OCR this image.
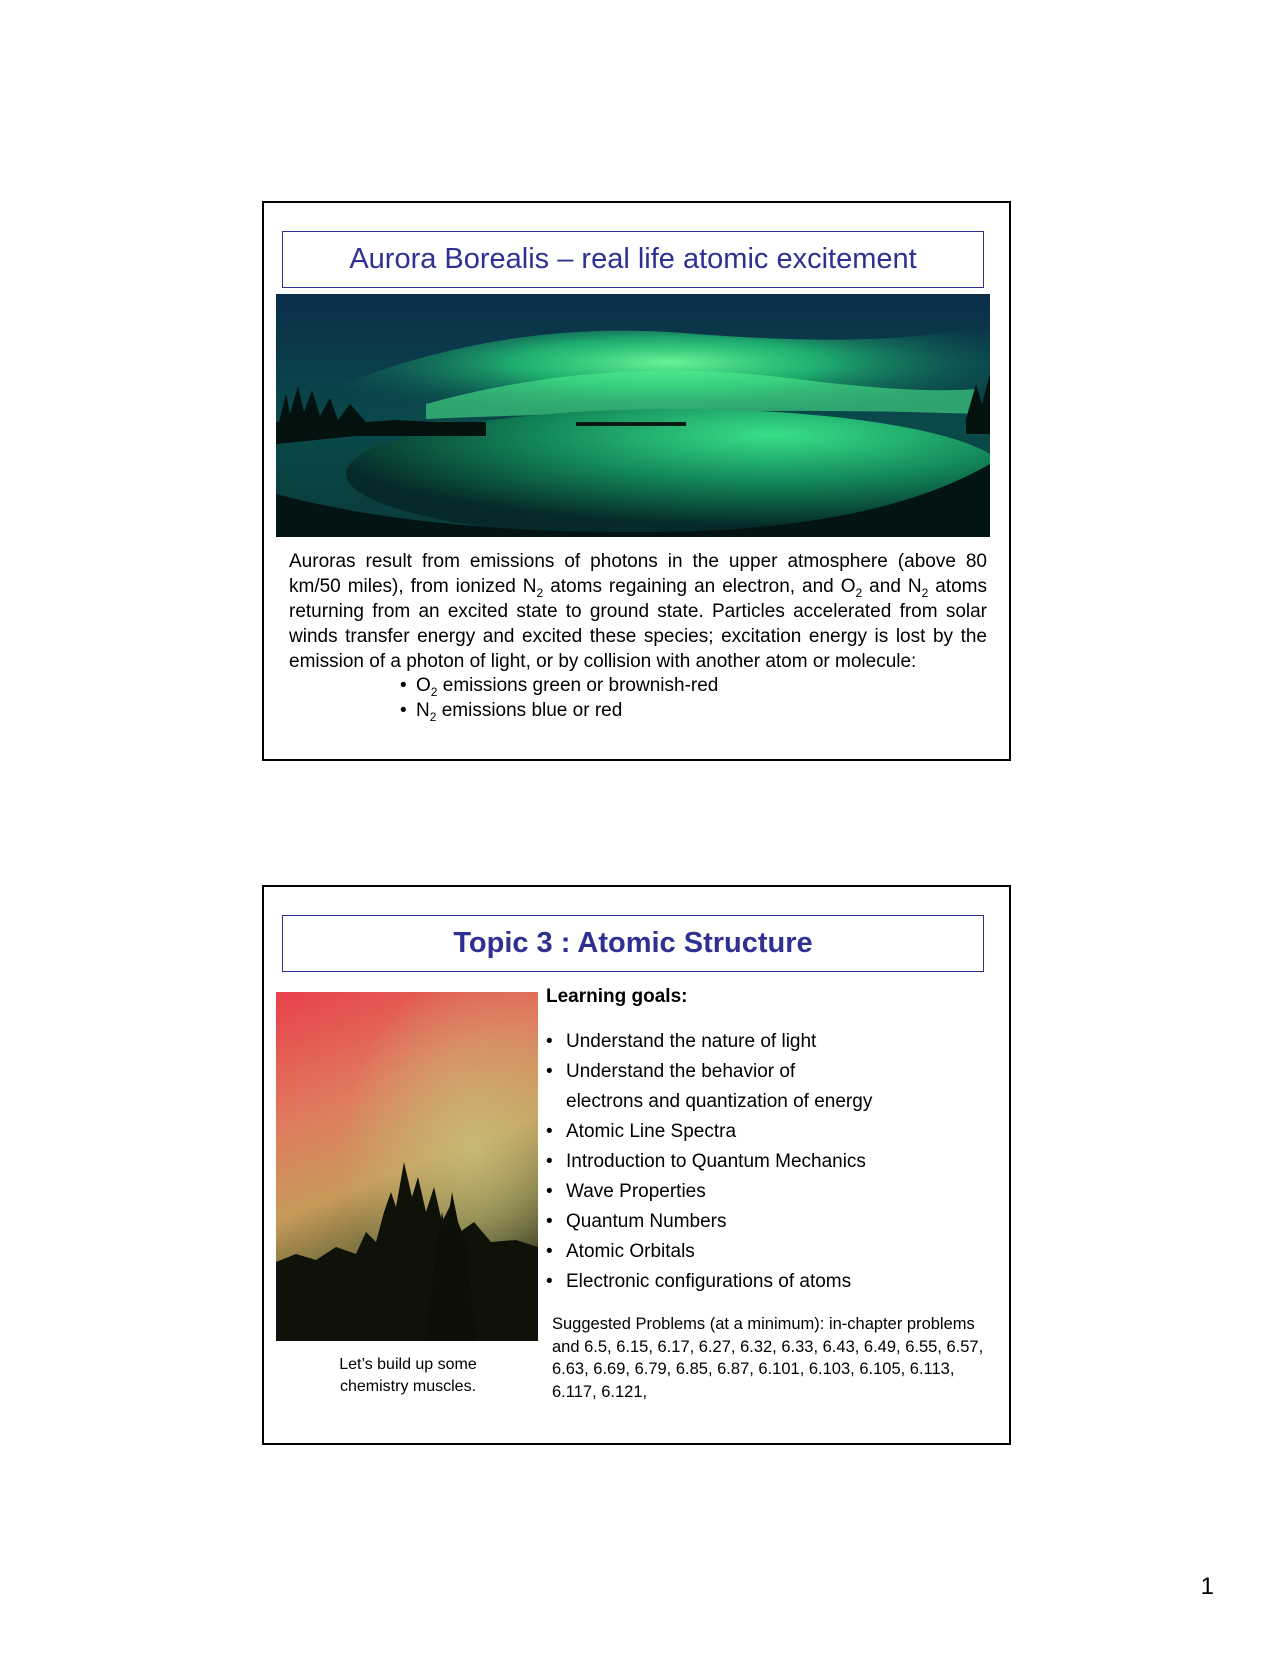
Aurora Borealis – real life atomic excitement
Auroras result from emissions of photons in the upper atmosphere (above 80 km/50 miles), from ionized $N_2$ atoms regaining an electron, and $O_2$ and $N_2$ atoms returning from an excited state to ground state. Particles accelerated from solar winds transfer energy and excited these species; excitation energy is lost by the emission of a photon of light, or by collision with another atom or molecule:
• $O_2$ emissions green or brownish-red
• $N_2$ emissions blue or red
Topic 3 : Atomic Structure
Let’s build up some
chemistry muscles.
Learning goals:
• Understand the nature of light
• Understand the behavior of
electrons and quantization of energy
• Atomic Line Spectra
• Introduction to Quantum Mechanics
• Wave Properties
• Quantum Numbers
• Atomic Orbitals
• Electronic configurations of atoms
Suggested Problems (at a minimum): in-chapter problems and 6.5, 6.15, 6.17, 6.27, 6.32, 6.33, 6.43, 6.49, 6.55, 6.57, 6.63, 6.69, 6.79, 6.85, 6.87, 6.101, 6.103, 6.105, 6.113, 6.117, 6.121,
1
